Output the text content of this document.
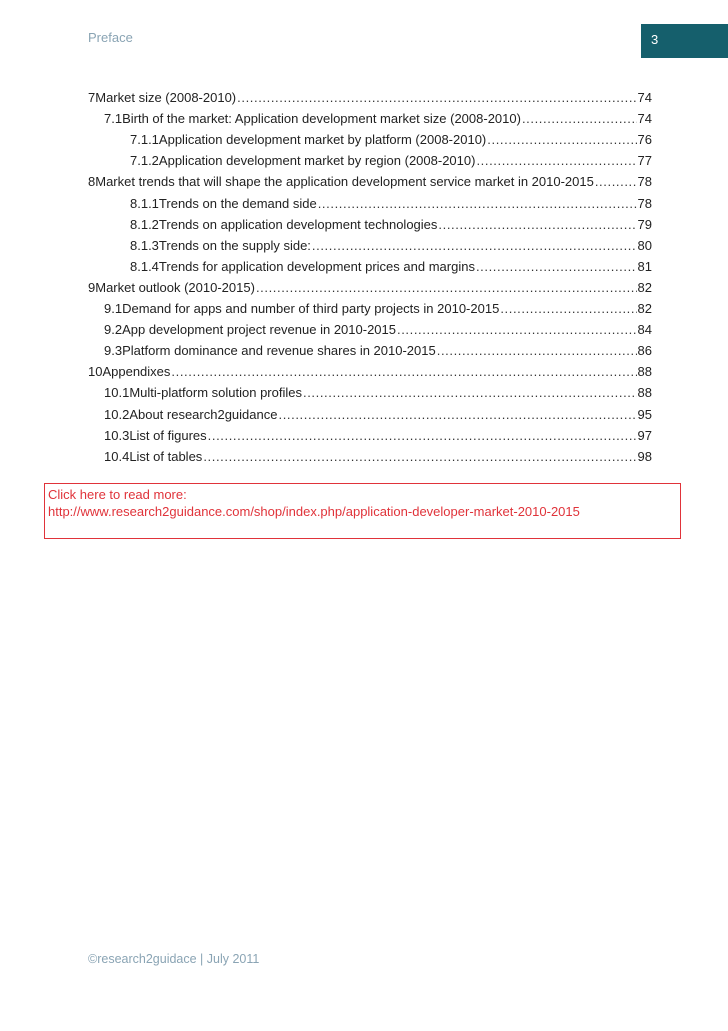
Preface	3
7 Market size (2008-2010) .....	74
7.1 Birth of the market: Application development market size (2008-2010) .....	74
7.1.1 Application development market by platform (2008-2010) .....	76
7.1.2 Application development market by region (2008-2010) .....	77
8 Market trends that will shape the application development service market in 2010-2015 .....	78
8.1.1 Trends on the demand side .....	78
8.1.2 Trends on application development technologies .....	79
8.1.3 Trends on the supply side: .....	80
8.1.4 Trends for application development prices and margins .....	81
9 Market outlook (2010-2015) .....	82
9.1 Demand for apps and number of third party projects in 2010-2015 .....	82
9.2 App development project revenue in 2010-2015 .....	84
9.3 Platform dominance and revenue shares in 2010-2015 .....	86
10 Appendixes .....	88
10.1 Multi-platform solution profiles .....	88
10.2 About research2guidance .....	95
10.3 List of figures .....	97
10.4 List of tables .....	98
Click here to read more:
http://www.research2guidance.com/shop/index.php/application-developer-market-2010-2015
©research2guidace | July 2011
